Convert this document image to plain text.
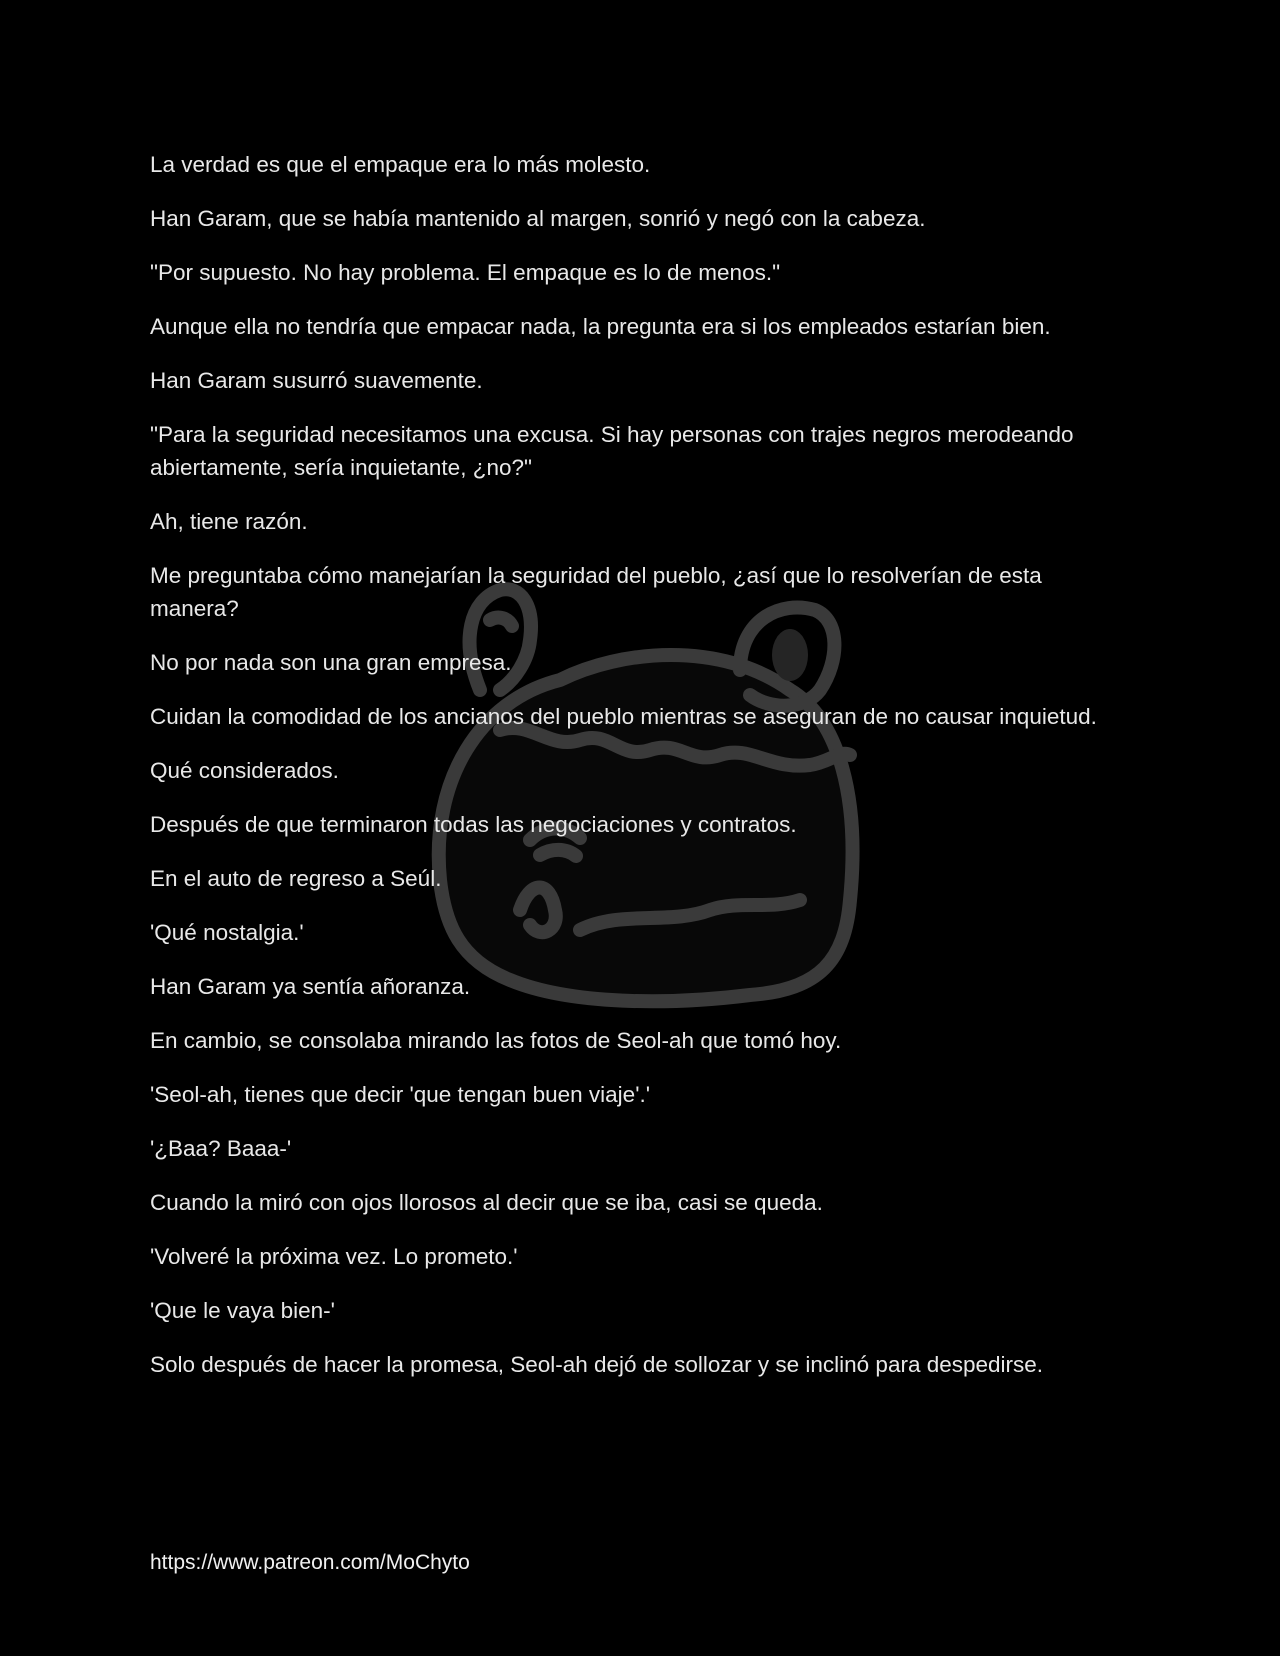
La verdad es que el empaque era lo más molesto.

Han Garam, que se había mantenido al margen, sonrió y negó con la cabeza.

"Por supuesto. No hay problema. El empaque es lo de menos."

Aunque ella no tendría que empacar nada, la pregunta era si los empleados estarían bien.

Han Garam susurró suavemente.

"Para la seguridad necesitamos una excusa. Si hay personas con trajes negros merodeando abiertamente, sería inquietante, ¿no?"

Ah, tiene razón.

Me preguntaba cómo manejarían la seguridad del pueblo, ¿así que lo resolverían de esta manera?

No por nada son una gran empresa.

Cuidan la comodidad de los ancianos del pueblo mientras se aseguran de no causar inquietud.

Qué considerados.

Después de que terminaron todas las negociaciones y contratos.

En el auto de regreso a Seúl.

'Qué nostalgia.'

Han Garam ya sentía añoranza.

En cambio, se consolaba mirando las fotos de Seol-ah que tomó hoy.

'Seol-ah, tienes que decir 'que tengan buen viaje'.'

'¿Baa? Baaa-'

Cuando la miró con ojos llorosos al decir que se iba, casi se queda.

'Volveré la próxima vez. Lo prometo.'

'Que le vaya bien-'

Solo después de hacer la promesa, Seol-ah dejó de sollozar y se inclinó para despedirse.

https://www.patreon.com/MoChyto
